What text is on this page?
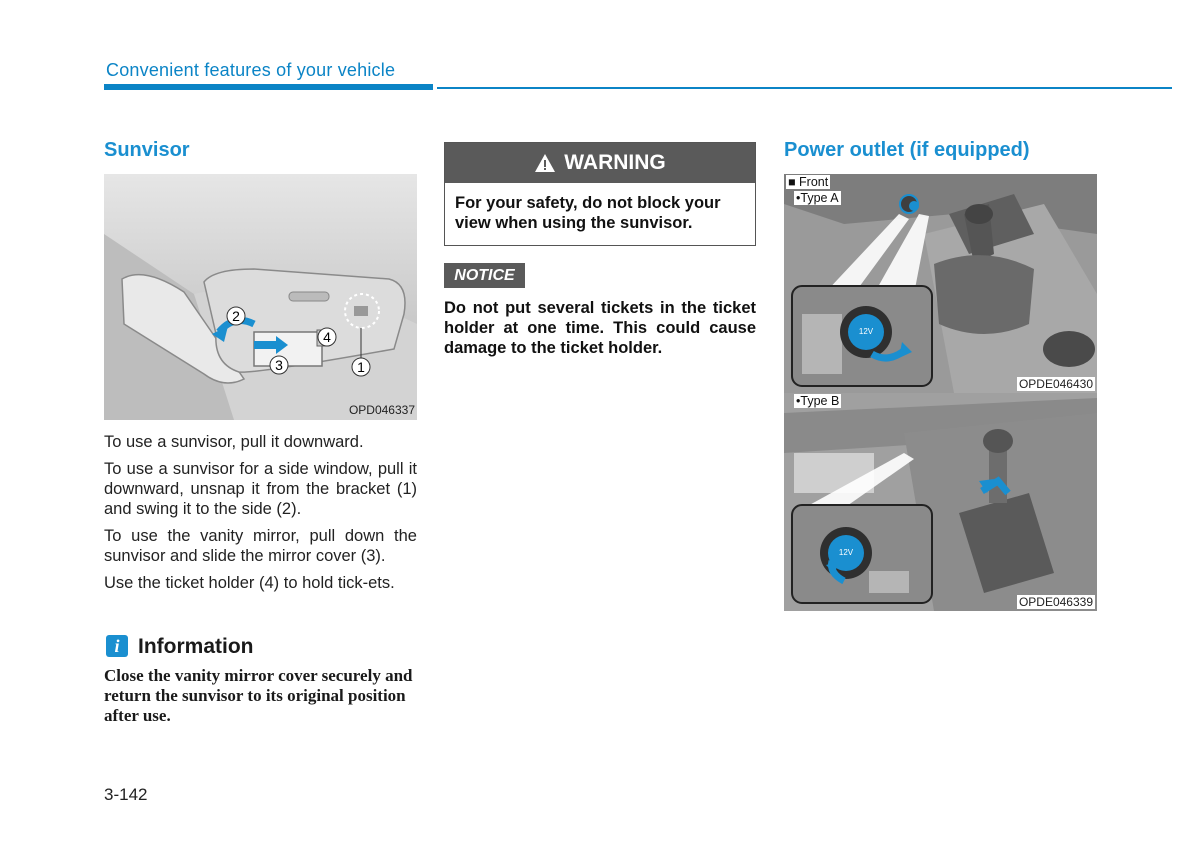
Convenient features of your vehicle
Sunvisor
2
4
3	1
OPD046337

To use a sunvisor, pull it downward.

To use a sunvisor for a side window, pull it downward, unsnap it from the bracket (1) and swing it to the side (2).

To use the vanity mirror, pull down the sunvisor and slide the mirror cover (3).

Use the ticket holder (4) to hold tick-ets.

i Information
Close the vanity mirror cover securely and return the sunvisor to its original position after use.
WARNING
For your safety, do not block your view when using the sunvisor.
NOTICE
Do not put several tickets in the ticket holder at one time. This could cause damage to the ticket holder.
Power outlet (if equipped)
12V
■ Front
•Type A
OPDE046430
12V
•Type B
OPDE046339
3-142
